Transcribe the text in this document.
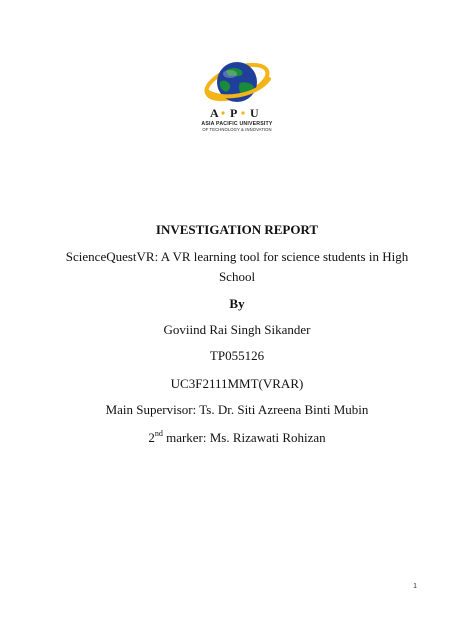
A P U
ASIA PACIFIC UNIVERSITY
OF TECHNOLOGY & INNOVATION
INVESTIGATION REPORT
ScienceQuestVR: A VR learning tool for science students in High
School
By
Goviind Rai Singh Sikander
TP055126
UC3F2111MMT(VRAR)
Main Supervisor: Ts. Dr. Siti Azreena Binti Mubin
2nd marker: Ms. Rizawati Rohizan
1
